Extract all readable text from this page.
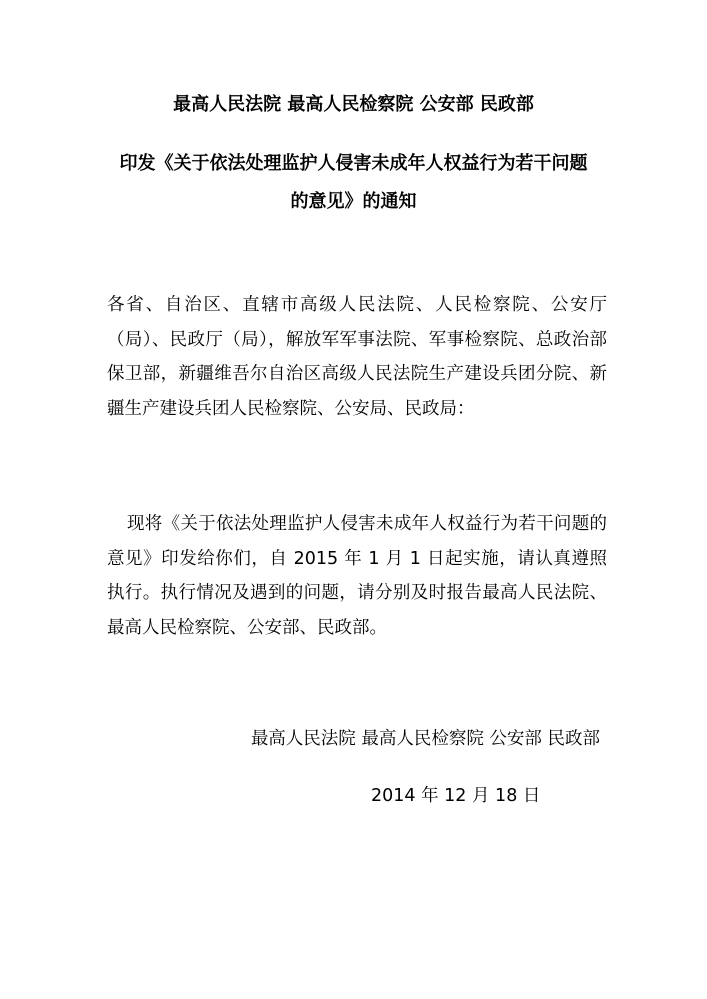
最高人民法院 最高人民检察院 公安部 民政部
印发《关于依法处理监护人侵害未成年人权益行为若干问题
的意见》的通知
各省、自治区、直辖市高级人民法院、人民检察院、公安厅（局）、民政厅（局），解放军军事法院、军事检察院、总政治部保卫部，新疆维吾尔自治区高级人民法院生产建设兵团分院、新疆生产建设兵团人民检察院、公安局、民政局：
现将《关于依法处理监护人侵害未成年人权益行为若干问题的意见》印发给你们，自 2015 年 1 月 1 日起实施，请认真遵照执行。执行情况及遇到的问题，请分别及时报告最高人民法院、最高人民检察院、公安部、民政部。
最高人民法院 最高人民检察院 公安部 民政部
2014 年 12 月 18 日
